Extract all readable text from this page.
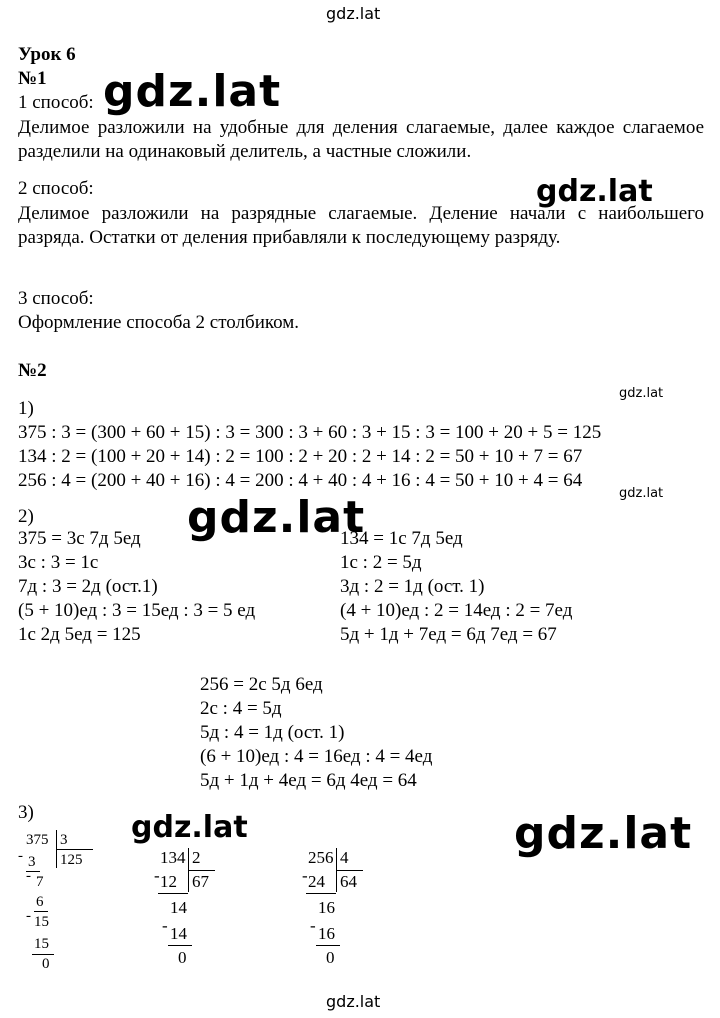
gdz.lat
gdz.lat
gdz.lat
gdz.lat
gdz.lat
gdz.lat
gdz.lat	gdz.lat
gdz.lat
Урок 6
№1
1 способ:
Делимое разложили на удобные для деления слагаемые, далее каждое слагаемое разделили на одинаковый делитель, а частные сложили.
2 способ:
Делимое разложили на разрядные слагаемые. Деление начали с наибольшего разряда. Остатки от деления прибавляли к последующему разряду.
3 способ:
Оформление способа 2 столбиком.
№2
1)
375 : 3 = (300 + 60 + 15) : 3 = 300 : 3 + 60 : 3 + 15 : 3 = 100 + 20 + 5 = 125
134 : 2 = (100 + 20 + 14) : 2 = 100 : 2 + 20 : 2 + 14 : 2 = 50 + 10 + 7 = 67
256 : 4 = (200 + 40 + 16) : 4 = 200 : 4 + 40 : 4 + 16 : 4 = 50 + 10 + 4 = 64
2)
375 = 3с 7д 5ед
3с : 3 = 1с
7д : 3 = 2д (ост.1)
(5 + 10)ед : 3 = 15ед : 3 = 5 ед
1с 2д 5ед = 125
134 = 1с 7д 5ед
1с : 2 = 5д
3д : 2 = 1д (ост. 1)
(4 + 10)ед : 2 = 14ед : 2 = 7ед
5д + 1д + 7ед = 6д 7ед = 67
256 = 2с 5д 6ед
2с : 4 = 5д
5д : 4 = 1д (ост. 1)
(6 + 10)ед : 4 = 16ед : 4 = 4ед
5д + 1д + 4ед = 6д 4ед = 64
3)
375 3
125
- 3
- 7
6
- 15
15
0
134 2
67
- 12
14
- 14
0
256 4
64
- 24
16
- 16
0
